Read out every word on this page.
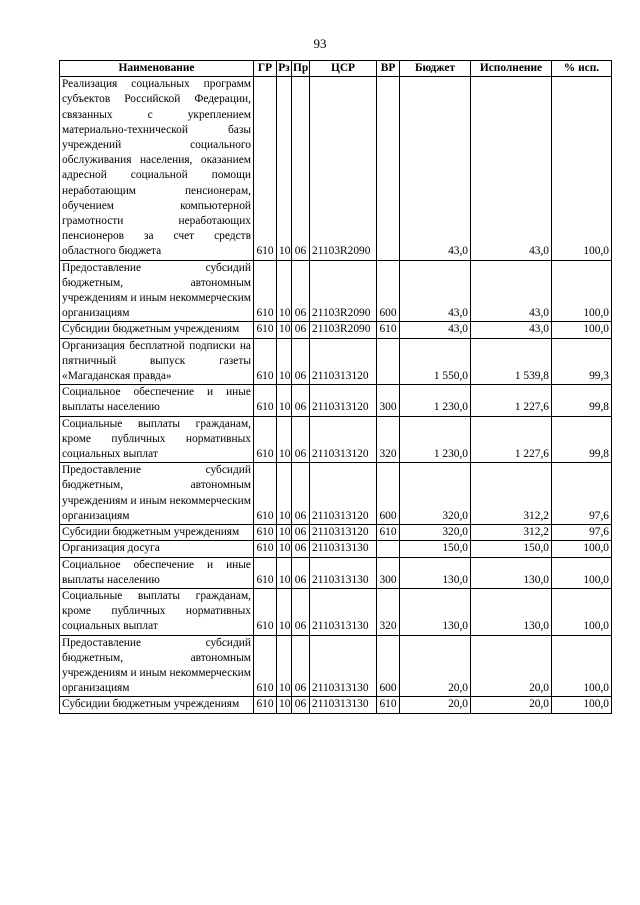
93
Наименование	ГР	Рз	Пр	ЦСР	ВР	Бюджет	Исполнение	% исп.
Реализация социальных программ субъектов Российской Федерации, связанных с укреплением материально-технической базы учреждений социального обслуживания населения, оказанием адресной социальной помощи неработающим пенсионерам, обучением компьютерной грамотности неработающих пенсионеров за счет средств областного бюджета	610	10	06	21103R2090		43,0	43,0	100,0
Предоставление субсидий бюджетным, автономным учреждениям и иным некоммерческим организациям	610	10	06	21103R2090	600	43,0	43,0	100,0
Субсидии бюджетным учреждениям	610	10	06	21103R2090	610	43,0	43,0	100,0
Организация бесплатной подписки на пятничный выпуск газеты «Магаданская правда»	610	10	06	2110313120		1 550,0	1 539,8	99,3
Социальное обеспечение и иные выплаты населению	610	10	06	2110313120	300	1 230,0	1 227,6	99,8
Социальные выплаты гражданам, кроме публичных нормативных социальных выплат	610	10	06	2110313120	320	1 230,0	1 227,6	99,8
Предоставление субсидий бюджетным, автономным учреждениям и иным некоммерческим организациям	610	10	06	2110313120	600	320,0	312,2	97,6
Субсидии бюджетным учреждениям	610	10	06	2110313120	610	320,0	312,2	97,6
Организация досуга	610	10	06	2110313130		150,0	150,0	100,0
Социальное обеспечение и иные выплаты населению	610	10	06	2110313130	300	130,0	130,0	100,0
Социальные выплаты гражданам, кроме публичных нормативных социальных выплат	610	10	06	2110313130	320	130,0	130,0	100,0
Предоставление субсидий бюджетным, автономным учреждениям и иным некоммерческим организациям	610	10	06	2110313130	600	20,0	20,0	100,0
Субсидии бюджетным учреждениям	610	10	06	2110313130	610	20,0	20,0	100,0
